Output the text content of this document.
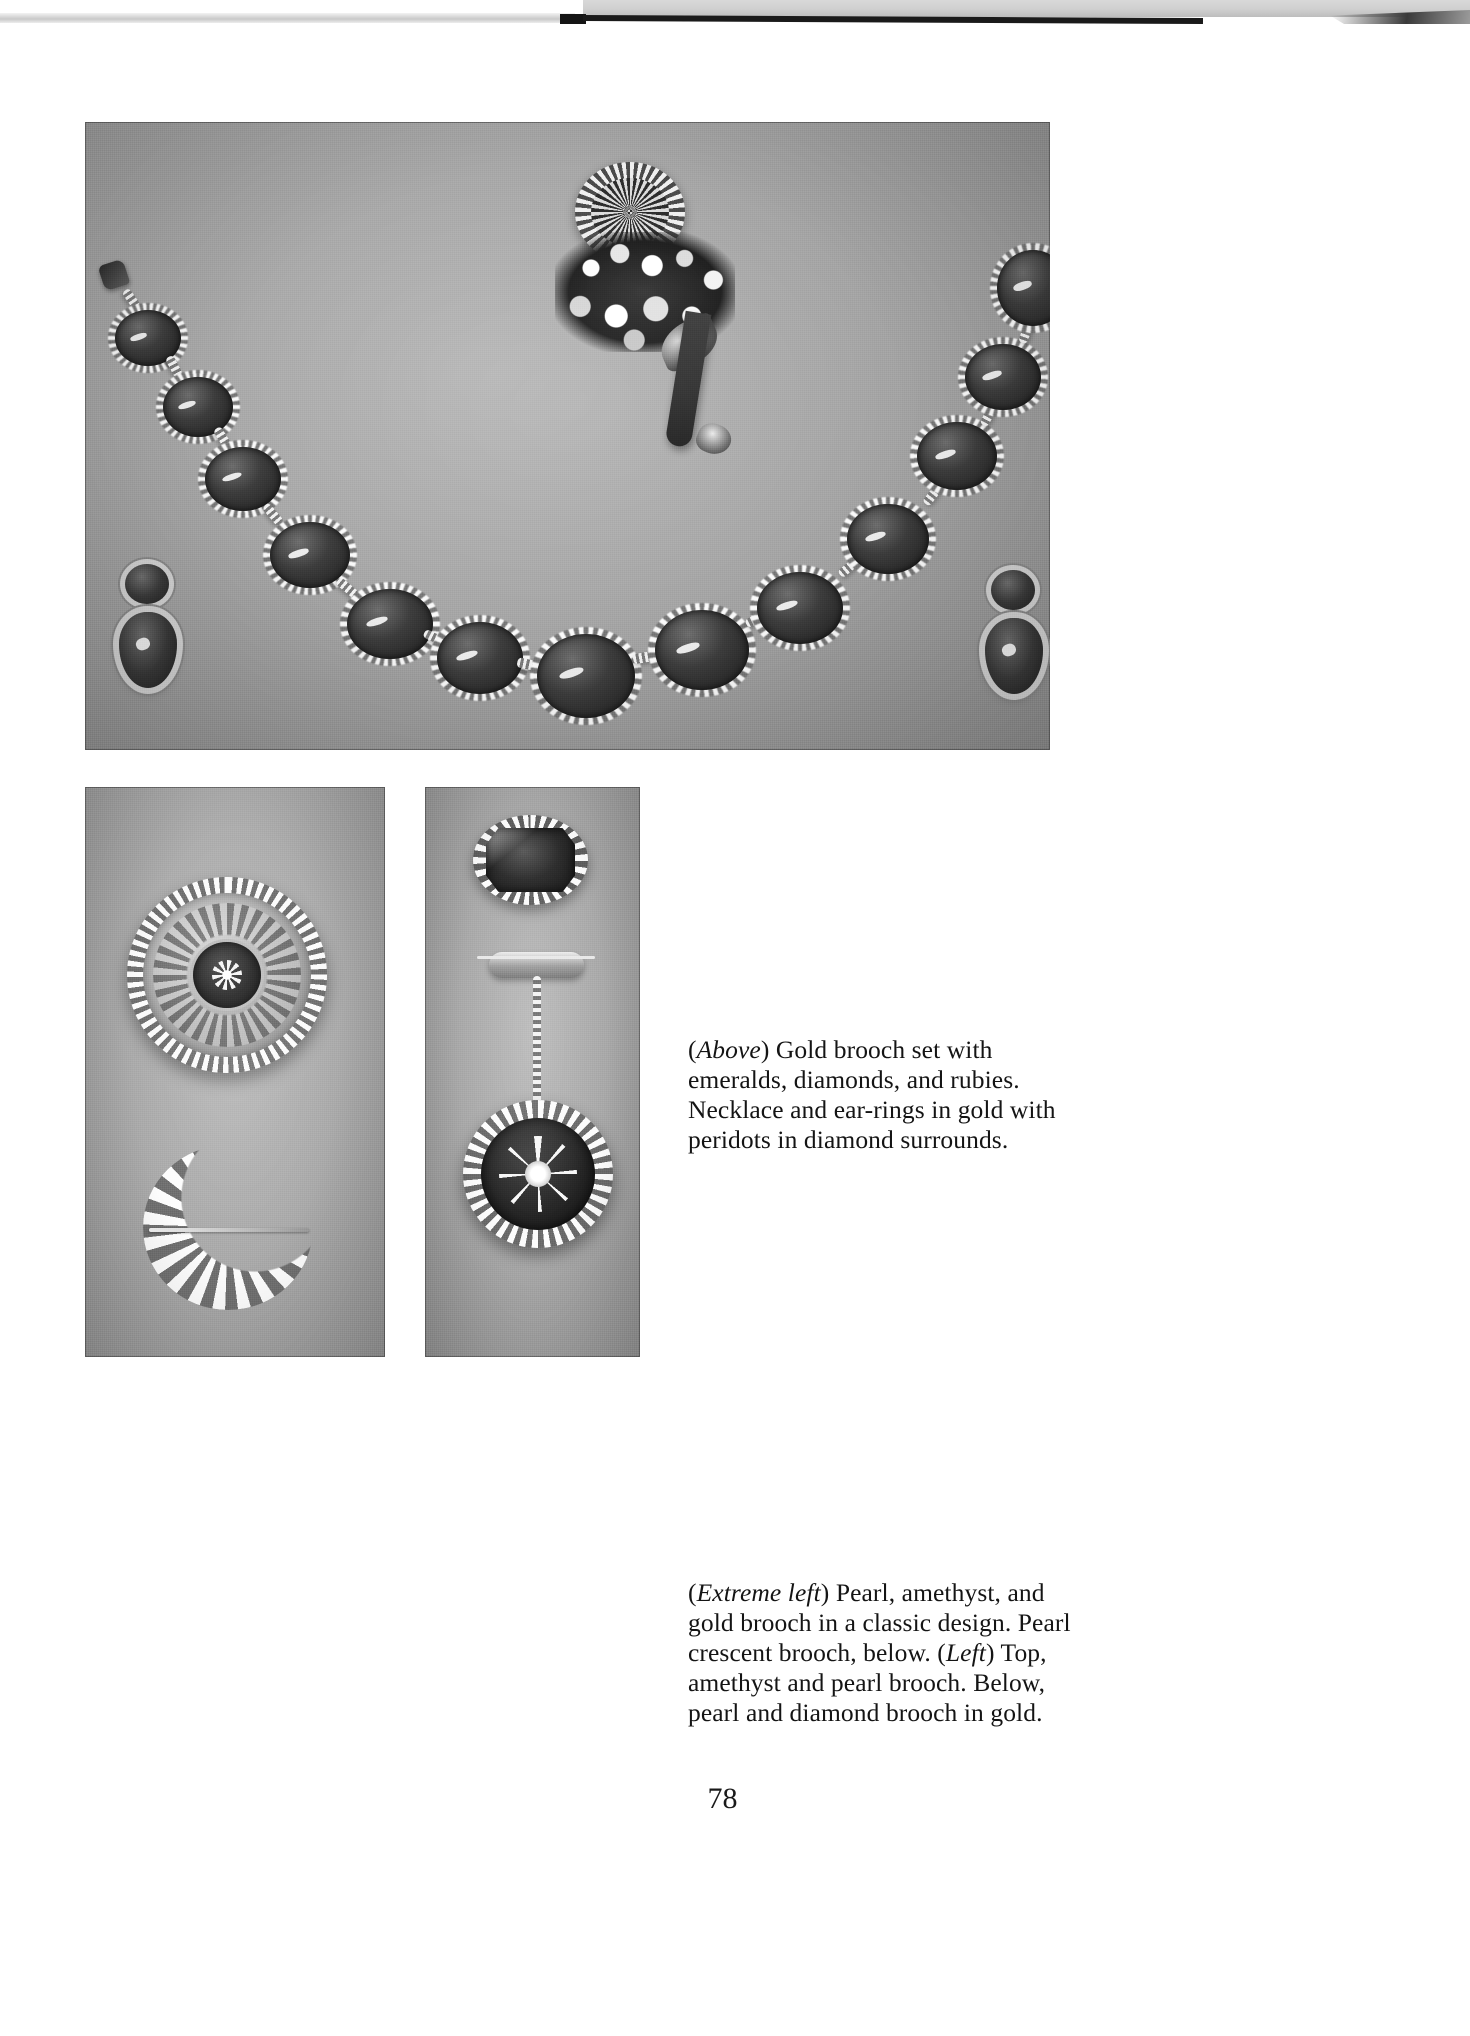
(Above) Gold brooch set with emeralds, diamonds, and rubies. Necklace and ear-rings in gold with peridots in diamond surrounds.
(Extreme left) Pearl, amethyst, and gold brooch in a classic design. Pearl crescent brooch, below. (Left) Top, amethyst and pearl brooch. Below, pearl and diamond brooch in gold.
78
